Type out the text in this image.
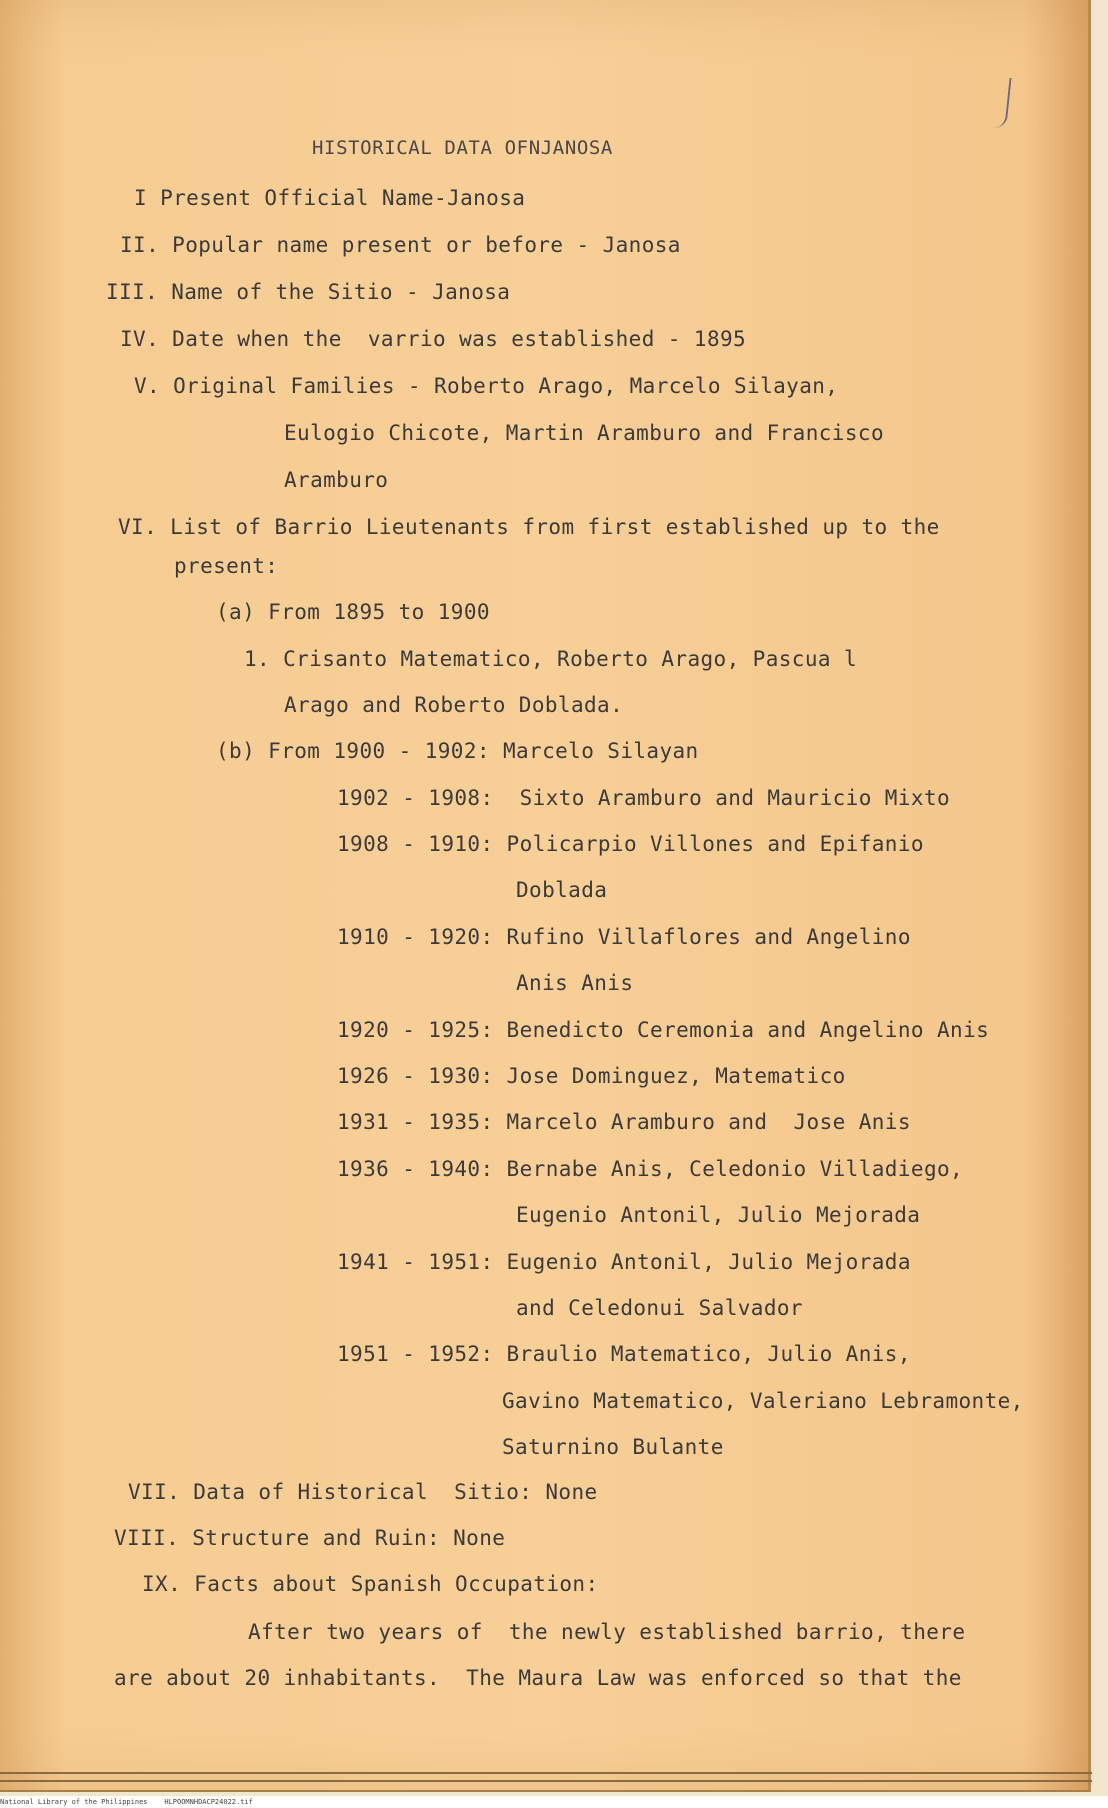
HISTORICAL DATA OFNJANOSA
I Present Official Name-Janosa
II. Popular name present or before - Janosa
III. Name of the Sitio - Janosa
IV. Date when the  varrio was established - 1895
V. Original Families - Roberto Arago, Marcelo Silayan,
Eulogio Chicote, Martin Aramburo and Francisco
Aramburo
VI. List of Barrio Lieutenants from first established up to the
present:
(a) From 1895 to 1900
1. Crisanto Matematico, Roberto Arago, Pascua l
Arago and Roberto Doblada.
(b) From 1900 - 1902: Marcelo Silayan
1902 - 1908:  Sixto Aramburo and Mauricio Mixto
1908 - 1910: Policarpio Villones and Epifanio
Doblada
1910 - 1920: Rufino Villaflores and Angelino
Anis Anis
1920 - 1925: Benedicto Ceremonia and Angelino Anis
1926 - 1930: Jose Dominguez, Matematico
1931 - 1935: Marcelo Aramburo and  Jose Anis
1936 - 1940: Bernabe Anis, Celedonio Villadiego,
Eugenio Antonil, Julio Mejorada
1941 - 1951: Eugenio Antonil, Julio Mejorada
and Celedonui Salvador
1951 - 1952: Braulio Matematico, Julio Anis,
Gavino Matematico, Valeriano Lebramonte,
Saturnino Bulante
VII. Data of Historical  Sitio: None
VIII. Structure and Ruin: None
IX. Facts about Spanish Occupation:
After two years of  the newly established barrio, there
are about 20 inhabitants.  The Maura Law was enforced so that the
National Library of the Philippines    HLPOOMNHDACP24022.tif
